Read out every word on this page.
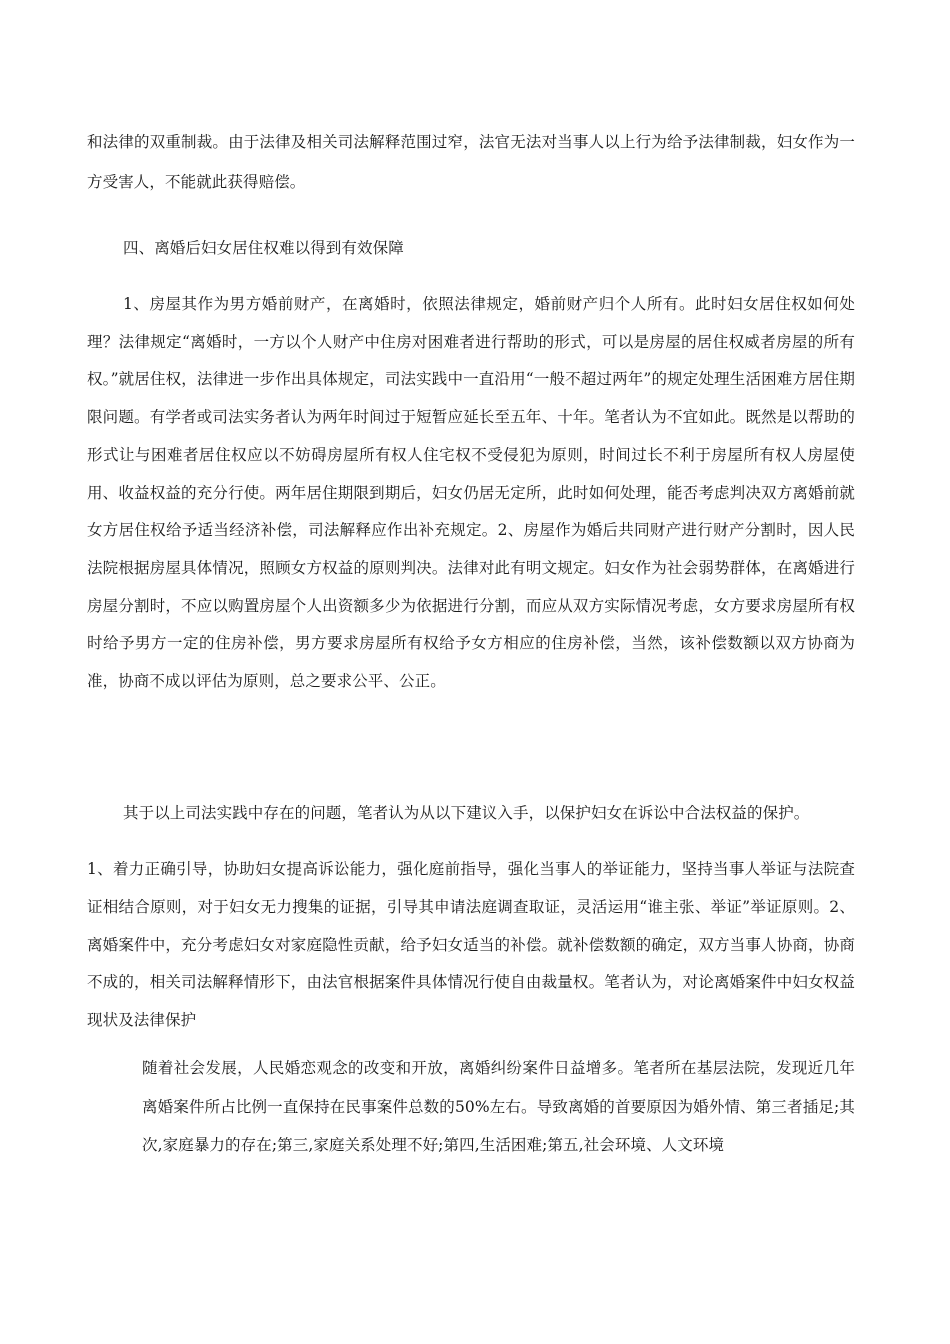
和法律的双重制裁。由于法律及相关司法解释范围过窄，法官无法对当事人以上行为给予法律制裁，妇女作为一方受害人，不能就此获得赔偿。
四、离婚后妇女居住权难以得到有效保障
1、房屋其作为男方婚前财产，在离婚时，依照法律规定，婚前财产归个人所有。此时妇女居住权如何处理？法律规定“离婚时，一方以个人财产中住房对困难者进行帮助的形式，可以是房屋的居住权威者房屋的所有权。”就居住权，法律进一步作出具体规定，司法实践中一直沿用“一般不超过两年”的规定处理生活困难方居住期限问题。有学者或司法实务者认为两年时间过于短暂应延长至五年、十年。笔者认为不宜如此。既然是以帮助的形式让与困难者居住权应以不妨碍房屋所有权人住宅权不受侵犯为原则，时间过长不利于房屋所有权人房屋使用、收益权益的充分行使。两年居住期限到期后，妇女仍居无定所，此时如何处理，能否考虑判决双方离婚前就女方居住权给予适当经济补偿，司法解释应作出补充规定。2、房屋作为婚后共同财产进行财产分割时，因人民法院根据房屋具体情况，照顾女方权益的原则判决。法律对此有明文规定。妇女作为社会弱势群体，在离婚进行房屋分割时，不应以购置房屋个人出资额多少为依据进行分割，而应从双方实际情况考虑，女方要求房屋所有权时给予男方一定的住房补偿，男方要求房屋所有权给予女方相应的住房补偿，当然，该补偿数额以双方协商为准，协商不成以评估为原则，总之要求公平、公正。
其于以上司法实践中存在的问题，笔者认为从以下建议入手，以保护妇女在诉讼中合法权益的保护。
1、着力正确引导，协助妇女提高诉讼能力，强化庭前指导，强化当事人的举证能力，坚持当事人举证与法院查证相结合原则，对于妇女无力搜集的证据，引导其申请法庭调查取证，灵活运用“谁主张、举证”举证原则。2、离婚案件中，充分考虑妇女对家庭隐性贡献，给予妇女适当的补偿。就补偿数额的确定，双方当事人协商，协商不成的，相关司法解释情形下，由法官根据案件具体情况行使自由裁量权。笔者认为，对论离婚案件中妇女权益现状及法律保护
随着社会发展，人民婚恋观念的改变和开放，离婚纠纷案件日益增多。笔者所在基层法院，发现近几年离婚案件所占比例一直保持在民事案件总数的50%左右。导致离婚的首要原因为婚外情、第三者插足;其次,家庭暴力的存在;第三,家庭关系处理不好;第四,生活困难;第五,社会环境、人文环境
